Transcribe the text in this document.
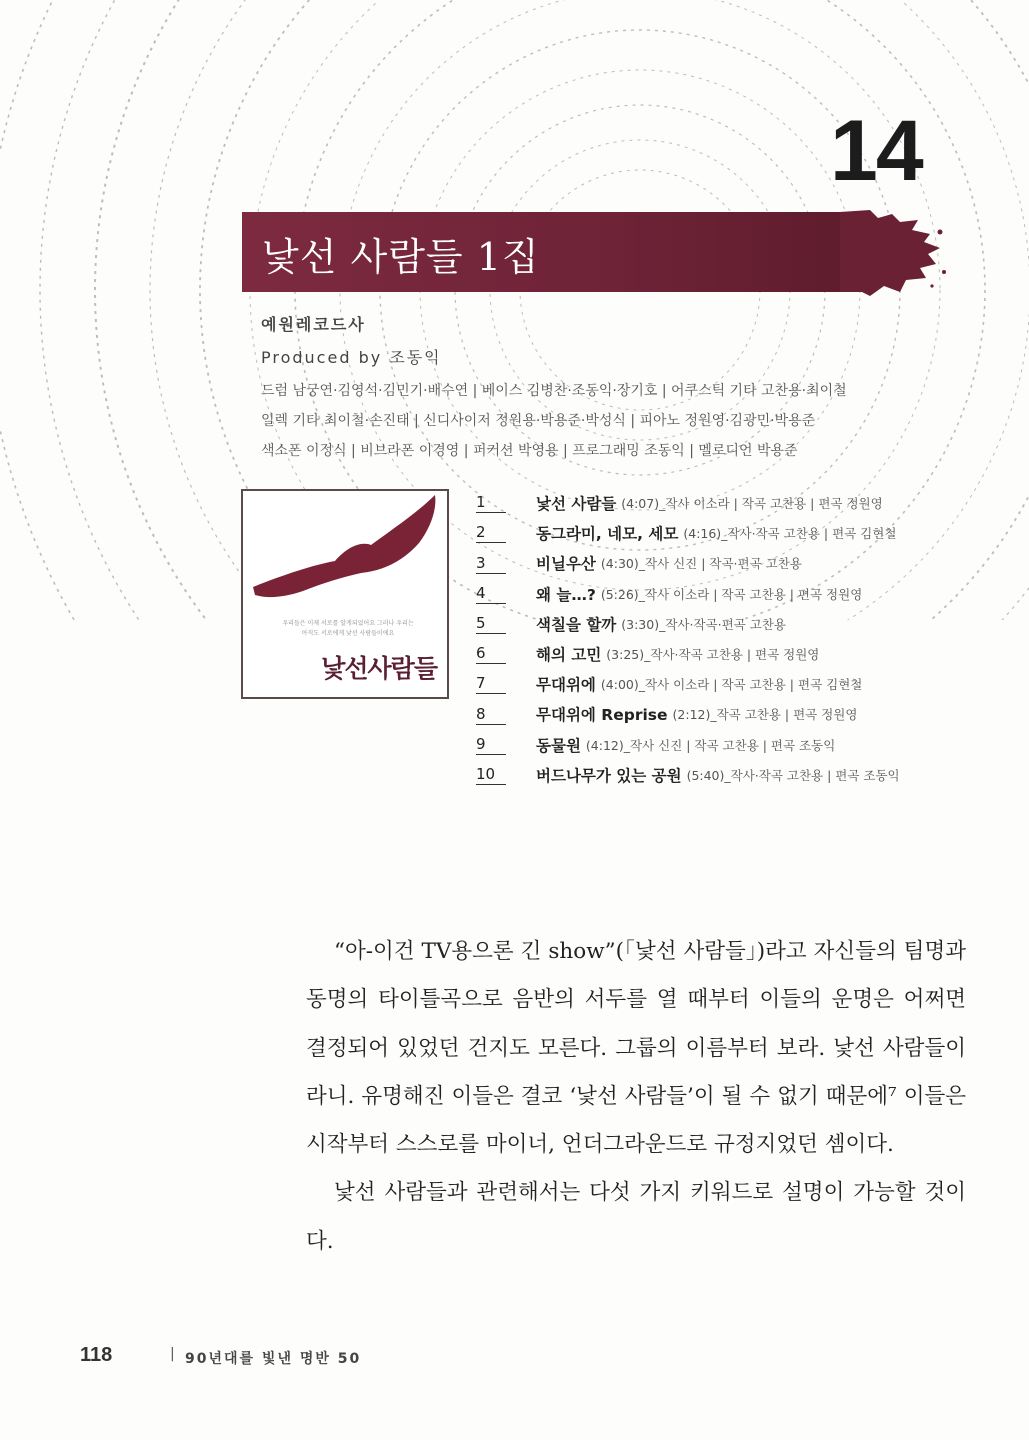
14
낯선 사람들 1집
예원레코드사
Produced by 조동익

드럼 남궁연·김영석·김민기·배수연 | 베이스 김병찬·조동익·장기호 | 어쿠스틱 기타 고찬용·최이철

일렉 기타 최이철·손진태 | 신디사이저 정원용·박용준·박성식 | 피아노 정원영·김광민·박용준

색소폰 이정식 | 비브라폰 이경영 | 퍼커션 박영용 | 프로그래밍 조동익 | 멜로디언 박용준

우리들은 이제 서로를 알게되었어요 그러나 우리는
아직도 서로에게 낯선 사람들이에요
낯선사람들
1	낯선 사람들 (4:07)_작사 이소라 | 작곡 고찬용 | 편곡 정원영
2	동그라미, 네모, 세모 (4:16)_작사·작곡 고찬용 | 편곡 김현철
3	비닐우산 (4:30)_작사 신진 | 작곡·편곡 고찬용
4	왜 늘…? (5:26)_작사 이소라 | 작곡 고찬용 | 편곡 정원영
5	색칠을 할까 (3:30)_작사·작곡·편곡 고찬용
6	해의 고민 (3:25)_작사·작곡 고찬용 | 편곡 정원영
7	무대위에 (4:00)_작사 이소라 | 작곡 고찬용 | 편곡 김현철
8	무대위에 Reprise (2:12)_작곡 고찬용 | 편곡 정원영
9	동물원 (4:12)_작사 신진 | 작곡 고찬용 | 편곡 조동익
10	버드나무가 있는 공원 (5:40)_작사·작곡 고찬용 | 편곡 조동익

“아-이건 TV용으론 긴 show”(「낯선 사람들」)라고 자신들의 팀명과 동명의 타이틀곡으로 음반의 서두를 열 때부터 이들의 운명은 어쩌면 결정되어 있었던 건지도 모른다. 그룹의 이름부터 보라. 낯선 사람들이라니. 유명해진 이들은 결코 ‘낯선 사람들’이 될 수 없기 때문에⁷ 이들은 시작부터 스스로를 마이너, 언더그라운드로 규정지었던 셈이다.

낯선 사람들과 관련해서는 다섯 가지 키워드로 설명이 가능할 것이다.

118	| 90년대를 빛낸 명반 50
